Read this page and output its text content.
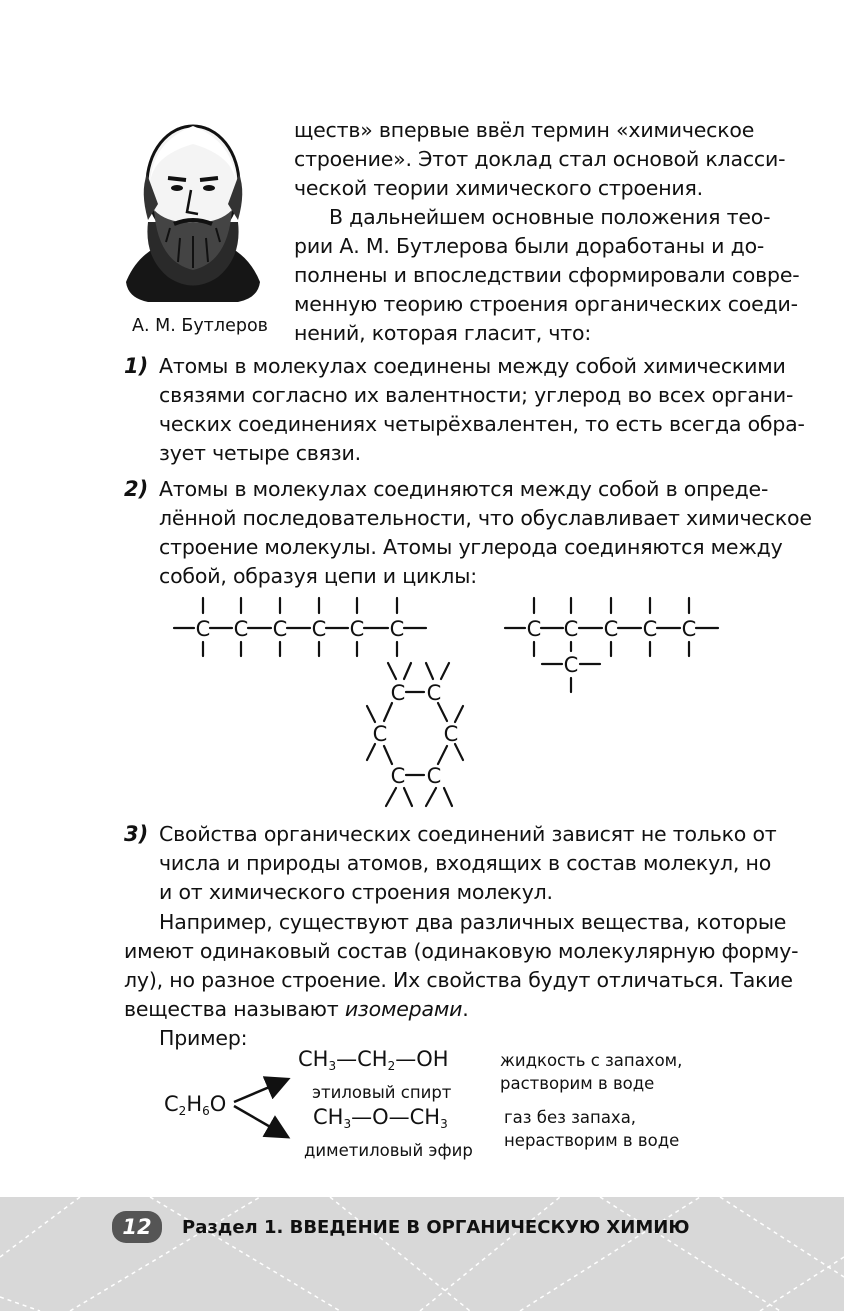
А. М. Бутлеров
ществ» впервые ввёл термин «химическое
строение». Этот доклад стал основой класси-
ческой теории химического строения.
В дальнейшем основные положения тео-
рии А. М. Бутлерова были доработаны и до-
полнены и впоследствии сформировали совре-
менную теорию строения органических соеди-
нений, которая гласит, что:
1) Атомы в молекулах соединены между собой химическими
связями согласно их валентности; углерод во всех органи-
ческих соединениях четырёхвалентен, то есть всегда обра-
зует четыре связи.
2) Атомы в молекулах соединяются между собой в опреде-
лённой последовательности, что обуславливает химическое
строение молекулы. Атомы углерода соединяются между
собой, образуя цепи и циклы:
C C C C C C	C C C C C
C
C C
C	C
C C
3) Свойства органических соединений зависят не только от
числа и природы атомов, входящих в состав молекул, но
и от химического строения молекул.
Например, существуют два различных вещества, которые
имеют одинаковый состав (одинаковую молекулярную форму-
лу), но разное строение. Их свойства будут отличаться. Такие
вещества называют изомерами.
Пример:
$C_2H_6O$
$CH_3—CH_2—OH$
этиловый спирт
жидкость с запахом,
растворим в воде
$CH_3—O—CH_3$
диметиловый эфир
газ без запаха,
нерастворим в воде
12	Раздел 1. ВВЕДЕНИЕ В ОРГАНИЧЕСКУЮ ХИМИЮ
